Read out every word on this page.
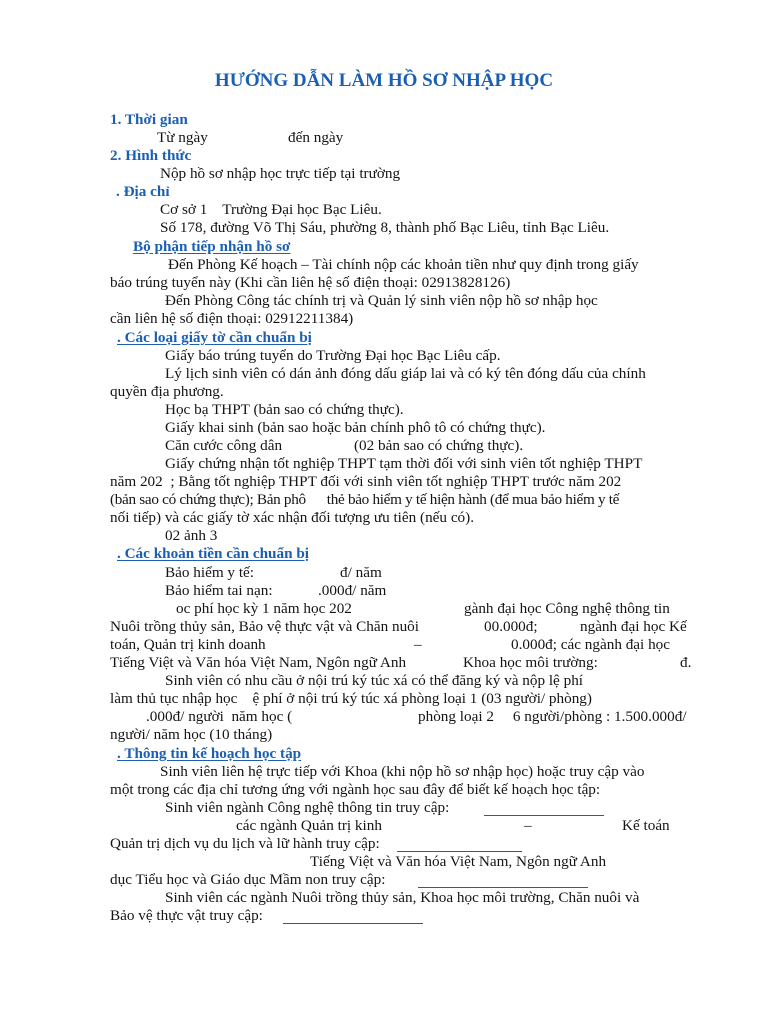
HƯỚNG DẪN LÀM HỒ SƠ NHẬP HỌC
1. Thời gian
Từ ngày	đến ngày
2. Hình thức
Nộp hồ sơ nhập học trực tiếp tại trường
. Địa chỉ
Cơ sở 1    Trường Đại học Bạc Liêu.
Số 178, đường Võ Thị Sáu, phường 8, thành phố Bạc Liêu, tỉnh Bạc Liêu.
Bộ phận tiếp nhận hồ sơ
Đến Phòng Kế hoạch – Tài chính nộp các khoản tiền như quy định trong giấy
báo trúng tuyển này (Khi cần liên hệ số điện thoại: 02913828126)
Đến Phòng Công tác chính trị và Quản lý sinh viên nộp hồ sơ nhập học
cần liên hệ số điện thoại: 02912211384)
. Các loại giấy tờ cần chuẩn bị
Giấy báo trúng tuyển do Trường Đại học Bạc Liêu cấp.
Lý lịch sinh viên có dán ảnh đóng dấu giáp lai và có ký tên đóng dấu của chính
quyền địa phương.
Học bạ THPT (bản sao có chứng thực).
Giấy khai sinh (bản sao hoặc bản chính phô tô có chứng thực).
Căn cước công dân	(02 bản sao có chứng thực).
Giấy chứng nhận tốt nghiệp THPT tạm thời đối với sinh viên tốt nghiệp THPT
năm 202  ; Bằng tốt nghiệp THPT đối với sinh viên tốt nghiệp THPT trước năm 202
(bản sao có chứng thực); Bản phô      thẻ bảo hiểm y tế hiện hành (để mua bảo hiểm y tế
nối tiếp) và các giấy tờ xác nhận đối tượng ưu tiên (nếu có).
02 ảnh 3
. Các khoản tiền cần chuẩn bị
Bảo hiểm y tế:	đ/ năm
Bảo hiểm tai nạn:	.000đ/ năm
oc phí học kỳ 1 năm học 202	gành đại học Công nghệ thông tin
Nuôi trồng thủy sản, Bảo vệ thực vật và Chăn nuôi	00.000đ;	ngành đại học Kế
toán, Quản trị kinh doanh	–	0.000đ; các ngành đại học
Tiếng Việt và Văn hóa Việt Nam, Ngôn ngữ Anh	Khoa học môi trường:	đ.
Sinh viên có nhu cầu ở nội trú ký túc xá có thể đăng ký và nộp lệ phí
làm thủ tục nhập học    ệ phí ở nội trú ký túc xá phòng loại 1 (03 người/ phòng)
.000đ/ người  năm học (	phòng loại 2     6 người/phòng : 1.500.000đ/
người/ năm học (10 tháng)
. Thông tin kế hoạch học tập
Sinh viên liên hệ trực tiếp với Khoa (khi nộp hồ sơ nhập học) hoặc truy cập vào
một trong các địa chỉ tương ứng với ngành học sau đây để biết kế hoạch học tập:
Sinh viên ngành Công nghệ thông tin truy cập:
các ngành Quản trị kinh	–	Kế toán
Quản trị dịch vụ du lịch và lữ hành truy cập:
Tiếng Việt và Văn hóa Việt Nam, Ngôn ngữ Anh
dục Tiểu học và Giáo dục Mầm non truy cập:
Sinh viên các ngành Nuôi trồng thủy sản, Khoa học môi trường, Chăn nuôi và
Bảo vệ thực vật truy cập:
